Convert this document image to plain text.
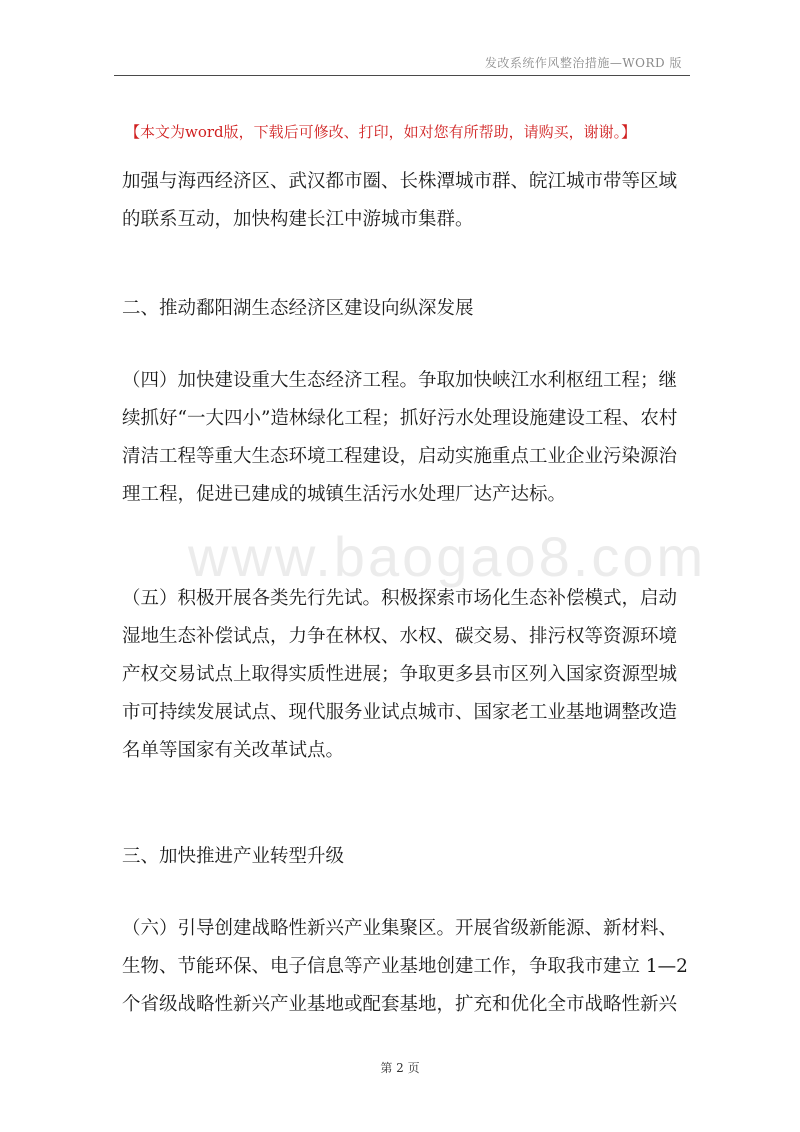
发改系统作风整治措施—WORD 版
【本文为word版，下载后可修改、打印，如对您有所帮助，请购买，谢谢。】

加强与海西经济区、武汉都市圈、长株潭城市群、皖江城市带等区域的联系互动，加快构建长江中游城市集群。

二、推动鄱阳湖生态经济区建设向纵深发展

（四）加快建设重大生态经济工程。争取加快峡江水利枢纽工程；继续抓好“一大四小”造林绿化工程；抓好污水处理设施建设工程、农村清洁工程等重大生态环境工程建设，启动实施重点工业企业污染源治理工程，促进已建成的城镇生活污水处理厂达产达标。

www.baogao8.com

（五）积极开展各类先行先试。积极探索市场化生态补偿模式，启动湿地生态补偿试点，力争在林权、水权、碳交易、排污权等资源环境产权交易试点上取得实质性进展；争取更多县市区列入国家资源型城市可持续发展试点、现代服务业试点城市、国家老工业基地调整改造名单等国家有关改革试点。

三、加快推进产业转型升级

（六）引导创建战略性新兴产业集聚区。开展省级新能源、新材料、生物、节能环保、电子信息等产业基地创建工作，争取我市建立 1—2 个省级战略性新兴产业基地或配套基地，扩充和优化全市战略性新兴

第 2 页
